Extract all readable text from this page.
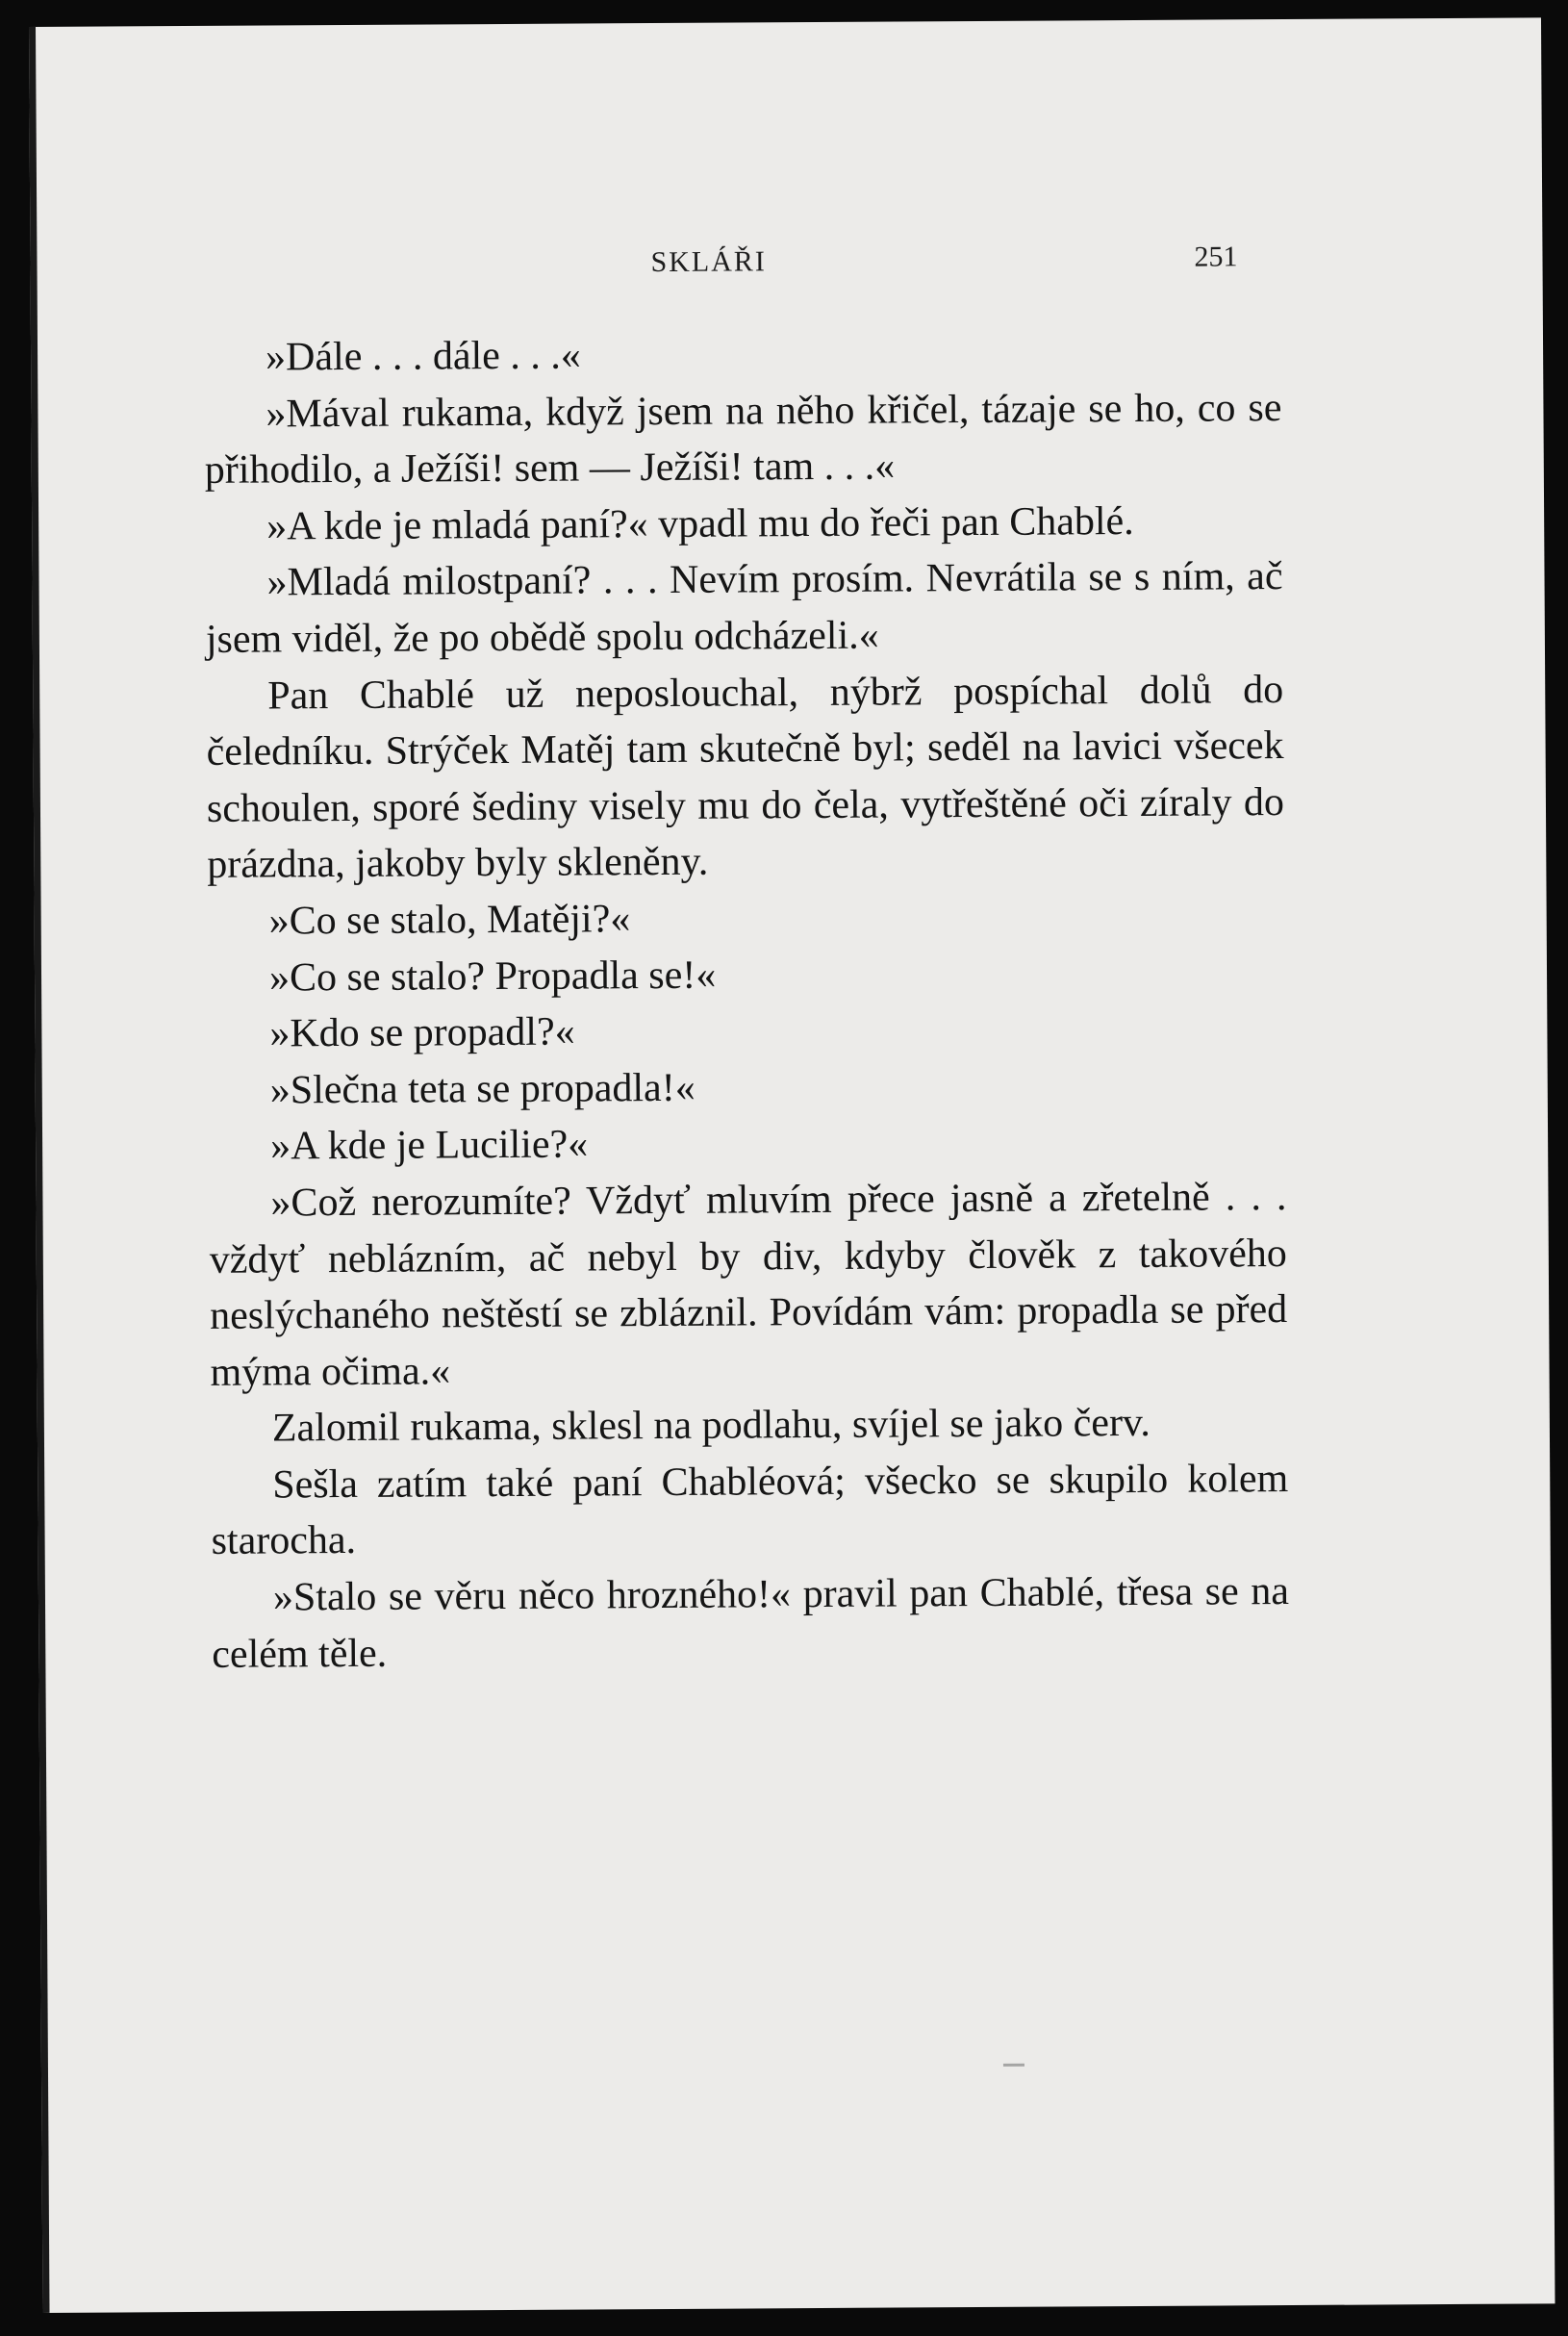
SKLÁŘI	251

»Dále . . . dále . . .«

»Mával rukama, když jsem na něho křičel, tázaje se ho, co se přihodilo, a Ježíši! sem — Ježíši! tam . . .«

»A kde je mladá paní?« vpadl mu do řeči pan Chablé.

»Mladá milostpaní? . . . Nevím prosím. Nevrátila se s ním, ač jsem viděl, že po obědě spolu odcházeli.«

Pan Chablé už neposlouchal, nýbrž pospíchal dolů do čeledníku. Strýček Matěj tam skutečně byl; seděl na lavici všecek schoulen, sporé šediny visely mu do čela, vytřeštěné oči zíraly do prázdna, jakoby byly skleněny.

»Co se stalo, Matěji?«

»Co se stalo? Propadla se!«

»Kdo se propadl?«

»Slečna teta se propadla!«

»A kde je Lucilie?«

»Což nerozumíte? Vždyť mluvím přece jasně a zřetelně . . . vždyť neblázním, ač nebyl by div, kdyby člověk z takového neslýchaného neštěstí se zbláznil. Povídám vám: propadla se před mýma očima.«

Zalomil rukama, sklesl na podlahu, svíjel se jako červ.

Sešla zatím také paní Chabléová; všecko se skupilo kolem starocha.

»Stalo se věru něco hrozného!« pravil pan Chablé, třesa se na celém těle.
